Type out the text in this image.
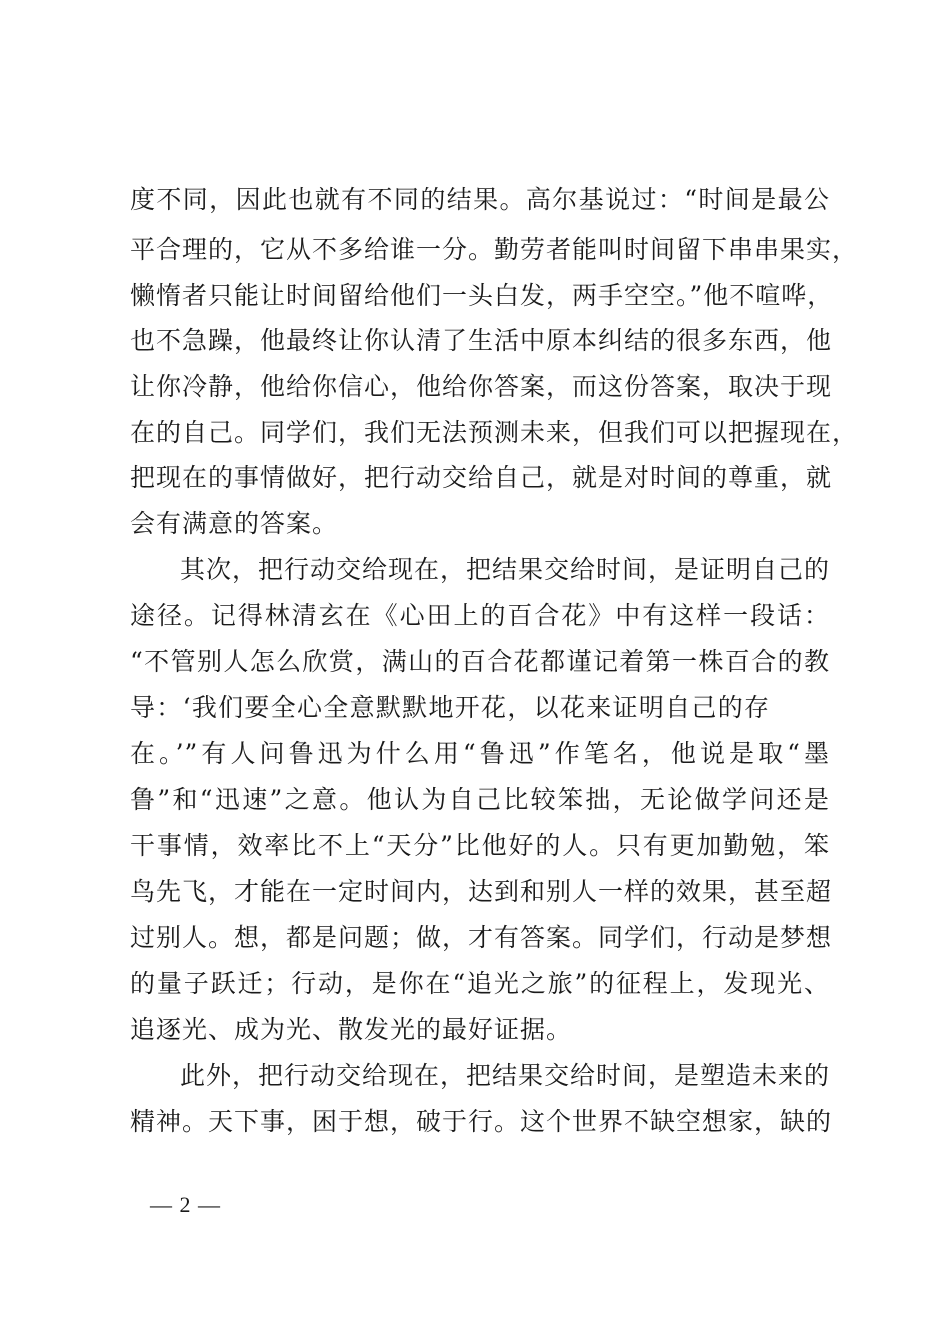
度不同，因此也就有不同的结果。高尔基说过：“时间是最公
平合理的，它从不多给谁一分。勤劳者能叫时间留下串串果实，
懒惰者只能让时间留给他们一头白发，两手空空。”他不喧哗，
也不急躁，他最终让你认清了生活中原本纠结的很多东西，他
让你冷静，他给你信心，他给你答案，而这份答案，取决于现
在的自己。同学们，我们无法预测未来，但我们可以把握现在，
把现在的事情做好，把行动交给自己，就是对时间的尊重，就
会有满意的答案。
其次，把行动交给现在，把结果交给时间，是证明自己的
途径。记得林清玄在《心田上的百合花》中有这样一段话：
“不管别人怎么欣赏，满山的百合花都谨记着第一株百合的教
导：‘我们要全心全意默默地开花，以花来证明自己的存
在。’”有人问鲁迅为什么用“鲁迅”作笔名，他说是取“墨
鲁”和“迅速”之意。他认为自己比较笨拙，无论做学问还是
干事情，效率比不上“天分”比他好的人。只有更加勤勉，笨
鸟先飞，才能在一定时间内，达到和别人一样的效果，甚至超
过别人。想，都是问题；做，才有答案。同学们，行动是梦想
的量子跃迁；行动，是你在“追光之旅”的征程上，发现光、
追逐光、成为光、散发光的最好证据。
此外，把行动交给现在，把结果交给时间，是塑造未来的
精神。天下事，困于想，破于行。这个世界不缺空想家，缺的
— 2 —
